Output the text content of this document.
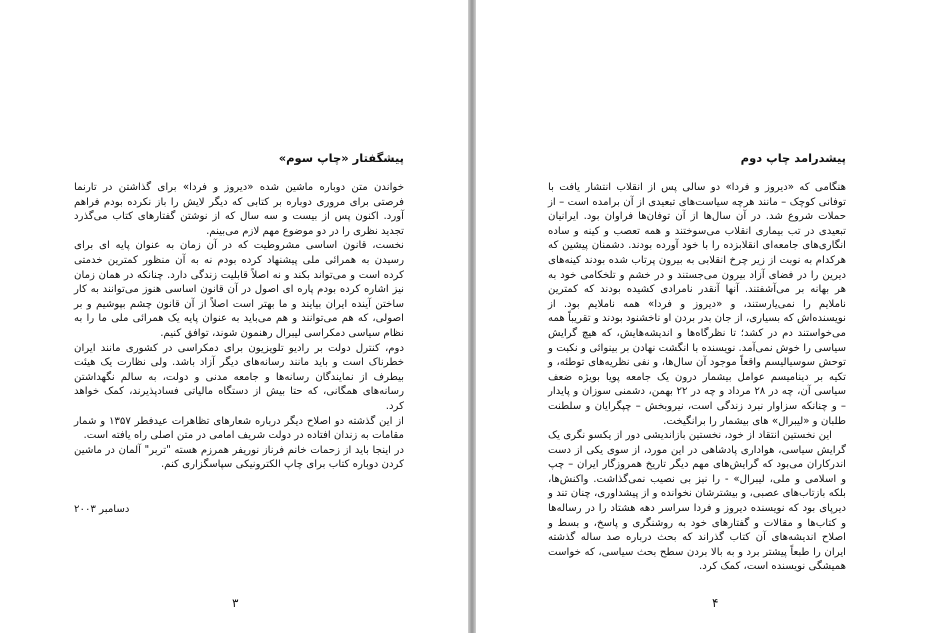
پیشگفتار «چاپ سوم»

خواندن متن دوباره ماشین شده «دیروز و فردا» برای گذاشتن در تارنما فرصتی برای مروری دوباره بر کتابی که دیگر لایش را باز نکرده بودم فراهم آورد. اکنون پس از بیست و سه سال که از نوشتن گفتارهای کتاب می‌گذرد تجدید نظری را در دو موضوع مهم لازم می‌بینم.

نخست، قانون اساسی مشروطیت که در آن زمان به عنوان پایه ای برای رسیدن به همرائی ملی پیشنهاد کرده بودم نه به آن منظور کمترین خدمتی کرده است و می‌تواند بکند و نه اصلاً قابلیت زندگی دارد. چنانکه در همان زمان نیز اشاره کرده بودم پاره ای اصول در آن قانون اساسی هنوز می‌توانند به کار ساختن آینده ایران بیایند و ما بهتر است اصلاً از آن قانون چشم بپوشیم و بر اصولی، که هم می‌توانند و هم می‌باید به عنوان پایه یک همرائی ملی ما را به نظام سیاسی دمکراسی لیبرال رهنمون شوند، توافق کنیم.

دوم، کنترل دولت بر رادیو تلویزیون برای دمکراسی در کشوری مانند ایران خطرناک است و باید مانند رسانه‌های دیگر آزاد باشد. ولی نظارت یک هیئت بیطرف از نمایندگان رسانه‌ها و جامعه مدنی و دولت، به سالم نگهداشتن رسانه‌های همگانی، که حتا بیش از دستگاه مالیاتی فسادپذیرند، کمک خواهد کرد.

از این گذشته دو اصلاح دیگر درباره شعارهای تظاهرات عیدفطر ۱۳۵۷ و شمار مقامات به زندان افتاده در دولت شریف امامی در متن اصلی راه یافته است.

در اینجا باید از زحمات خانم فرناز نوریفر همرزم هسته "تربر" آلمان در ماشین کردن دوباره کتاب برای چاپ الکترونیکی سپاسگزاری کنم.

دسامبر ۲۰۰۳
۳
پیشدرامد چاپ دوم

هنگامی که «دیروز و فردا» دو سالی پس از انقلاب انتشار یافت با توفانی کوچک – مانند هرچه سیاست‌های تبعیدی از آن برامده است – از حملات شروع شد. در آن سال‌ها از آن توفان‌ها فراوان بود. ایرانیان تبعیدی در تب بیماری انقلاب می‌سوختند و همه تعصب و کینه و ساده انگاری‌های جامعه‌ای انقلابزده را با خود آورده بودند. دشمنان پیشین که هرکدام به نوبت از زیر چرخ انقلابی به بیرون پرتاب شده بودند کینه‌های دیرین را در فضای آزاد بیرون می‌جستند و در خشم و تلخکامی خود به هر بهانه بر می‌آشفتند. آنها آنقدر نامرادی کشیده بودند که کمترین ناملایم را نمی‌یارستند، و «دیروز و فردا» همه ناملایم بود. از نویسنده‌اش که بسیاری، از جان بدر بردن او ناخشنود بودند و تقریباً همه می‌خواستند دم در کشد؛ تا نظرگاه‌ها و اندیشه‌هایش، که هیچ گرایش سیاسی را خوش نمی‌آمد. نویسنده با انگشت نهادن بر بینوائی و نکبت و توحش سوسیالیسم واقعاً موجود آن سال‌ها، و نفی نظریه‌های توطئه، و تکیه بر دینامیسم عوامل بیشمار درون یک جامعه پویا بویژه ضعف سیاسی آن، چه در ۲۸ مرداد و چه در ۲۲ بهمن، دشمنی سوزان و پایدار – و چنانکه سزاوار نبرد زندگی است، نیروبخش – چپگرایان و سلطنت طلبان و «لیبرال» های بیشمار را برانگیخت.

این نخستین انتقاد از خود، نخستین بازاندیشی دور از یکسو نگری یک گرایش سیاسی، هواداری پادشاهی در این مورد، از سوی یکی از دست اندرکاران می‌بود که گرایش‌های مهم دیگر تاریخ همروزگار ایران – چپ و اسلامی و ملی، لیبرال» - را نیز بی نصیب نمی‌گذاشت. واکنش‌ها، بلکه بازتاب‌های عصبی، و بیشترشان نخوانده و از پیشداوری، چنان تند و دیرپای بود که نویسنده دیروز و فردا سراسر دهه هشتاد را در رساله‌ها و کتاب‌ها و مقالات و گفتارهای خود به روشنگری و پاسخ، و بسط و اصلاح اندیشه‌های آن کتاب گذراند که بحث درباره صد ساله گذشته ایران را طبعاً پیشتر برد و به بالا بردن سطح بحث سیاسی، که خواست همیشگی نویسنده است، کمک کرد.

۴
